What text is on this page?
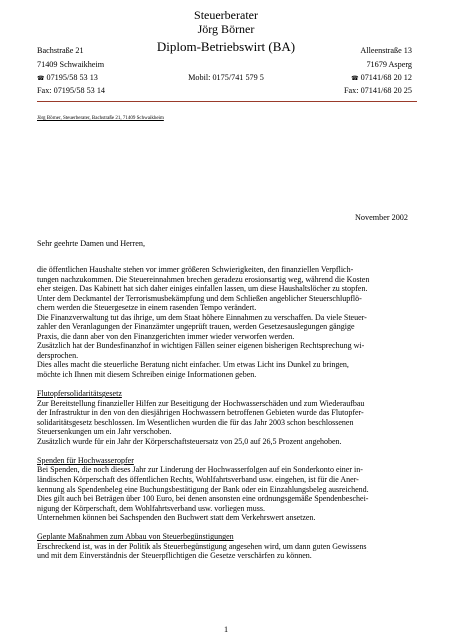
Steuerberater
Jörg Börner
Diplom-Betriebswirt (BA)
Bachstraße 21
71409 Schwaikheim
☎ 07195/58 53 13
Fax: 07195/58 53 14
Mobil: 0175/741 579 5
Alleenstraße 13
71679 Asperg
☎ 07141/68 20 12
Fax: 07141/68 20 25
Jörg Börner, Steuerberater, Bachstraße 21, 71409 Schwaikheim
November 2002
Sehr geehrte Damen und Herren,

die öffentlichen Haushalte stehen vor immer größeren Schwierigkeiten, den finanziellen Verpflich-

tungen nachzukommen. Die Steuereinnahmen brechen geradezu erosionsartig weg, während die Kosten

eher steigen. Das Kabinett hat sich daher einiges einfallen lassen, um diese Haushaltslöcher zu stopfen.

Unter dem Deckmantel der Terrorismusbekämpfung und dem Schließen angeblicher Steuerschlupflö-

chern werden die Steuergesetze in einem rasenden Tempo verändert.

Die Finanzverwaltung tut das ihrige, um dem Staat höhere Einnahmen zu verschaffen. Da viele Steuer-

zahler den Veranlagungen der Finanzämter ungeprüft trauen, werden Gesetzesauslegungen gängige

Praxis, die dann aber von den Finanzgerichten immer wieder verworfen werden.

Zusätzlich hat der Bundesfinanzhof in wichtigen Fällen seiner eigenen bisherigen Rechtsprechung wi-

dersprochen.

Dies alles macht die steuerliche Beratung nicht einfacher. Um etwas Licht ins Dunkel zu bringen,

möchte ich Ihnen mit diesem Schreiben einige Informationen geben.

Flutopfersolidaritätsgesetz

Zur Bereitstellung finanzieller Hilfen zur Beseitigung der Hochwasserschäden und zum Wiederaufbau

der Infrastruktur in den von den diesjährigen Hochwassern betroffenen Gebieten wurde das Flutopfer-

solidaritätsgesetz beschlossen. Im Wesentlichen wurden die für das Jahr 2003 schon beschlossenen

Steuersenkungen um ein Jahr verschoben.

Zusätzlich wurde für ein Jahr der Körperschaftsteuersatz von 25,0 auf 26,5 Prozent angehoben.

Spenden für Hochwasseropfer

Bei Spenden, die noch dieses Jahr zur Linderung der Hochwasserfolgen auf ein Sonderkonto einer in-

ländischen Körperschaft des öffentlichen Rechts, Wohlfahrtsverband usw. eingehen, ist für die Aner-

kennung als Spendenbeleg eine Buchungsbestätigung der Bank oder ein Einzahlungsbeleg ausreichend.

Dies gilt auch bei Beträgen über 100 Euro, bei denen ansonsten eine ordnungsgemäße Spendenbeschei-

nigung der Körperschaft, dem Wohlfahrtsverband usw. vorliegen muss.

Unternehmen können bei Sachspenden den Buchwert statt dem Verkehrswert ansetzen.

Geplante Maßnahmen zum Abbau von Steuerbegünstigungen

Erschreckend ist, was in der Politik als Steuerbegünstigung angesehen wird, um dann guten Gewissens

und mit dem Einverständnis der Steuerpflichtigen die Gesetze verschärfen zu können.

1
